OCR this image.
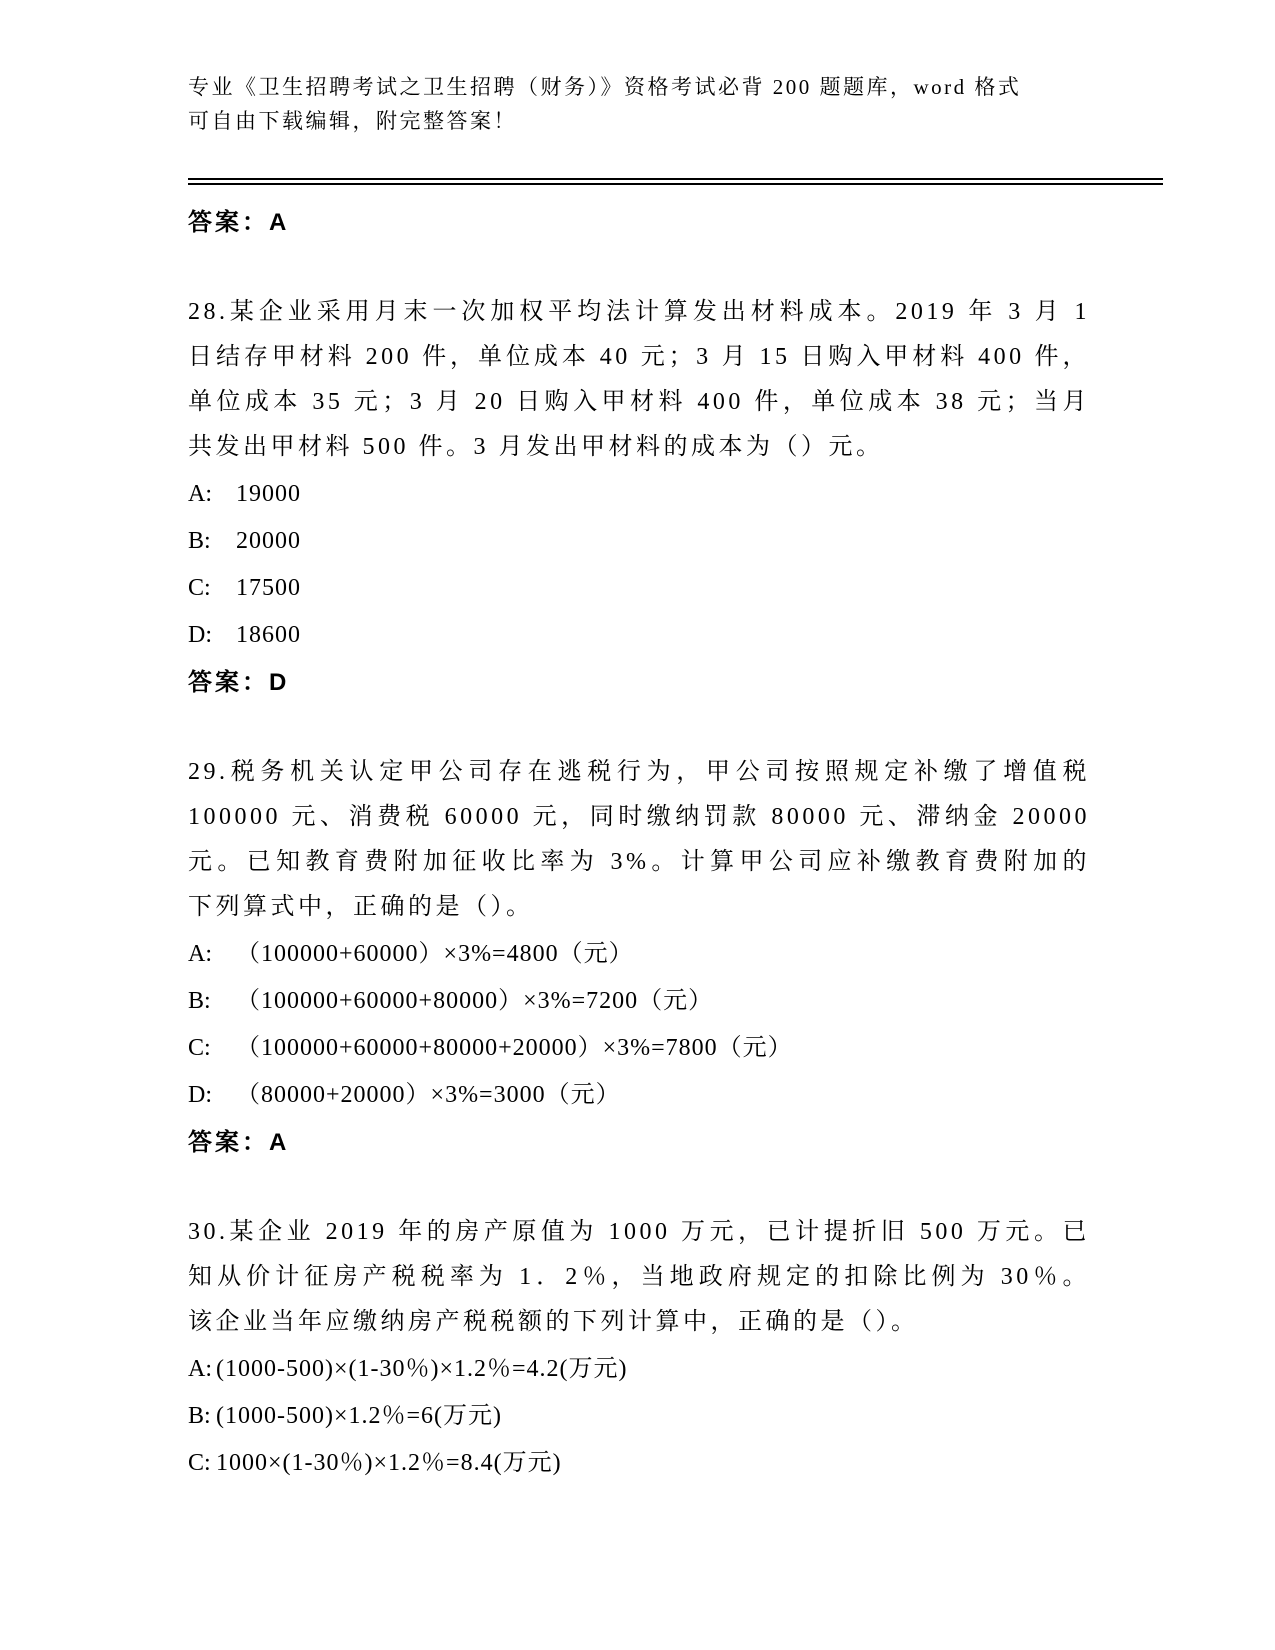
专业《卫生招聘考试之卫生招聘（财务）》资格考试必背 200 题题库，word 格式
可自由下载编辑，附完整答案！
答案：A
28.某企业采用月末一次加权平均法计算发出材料成本。2019 年 3 月 1
日结存甲材料 200 件，单位成本 40 元；3 月 15 日购入甲材料 400 件，
单位成本 35 元；3 月 20 日购入甲材料 400 件，单位成本 38 元；当月
共发出甲材料 500 件。3 月发出甲材料的成本为（）元。
A: 19000
B: 20000
C: 17500
D: 18600
答案：D
29.税务机关认定甲公司存在逃税行为，甲公司按照规定补缴了增值税
100000 元、消费税 60000 元，同时缴纳罚款 80000 元、滞纳金 20000
元。已知教育费附加征收比率为 3%。计算甲公司应补缴教育费附加的
下列算式中，正确的是（）。
A: （100000+60000）×3%=4800（元）
B: （100000+60000+80000）×3%=7200（元）
C: （100000+60000+80000+20000）×3%=7800（元）
D: （80000+20000）×3%=3000（元）
答案：A
30.某企业 2019 年的房产原值为 1000 万元，已计提折旧 500 万元。已
知从价计征房产税税率为 1．2％，当地政府规定的扣除比例为 30％。
该企业当年应缴纳房产税税额的下列计算中，正确的是（）。
A: (1000-500)×(1-30％)×1.2％=4.2(万元)
B: (1000-500)×1.2％=6(万元)
C: 1000×(1-30％)×1.2％=8.4(万元)
